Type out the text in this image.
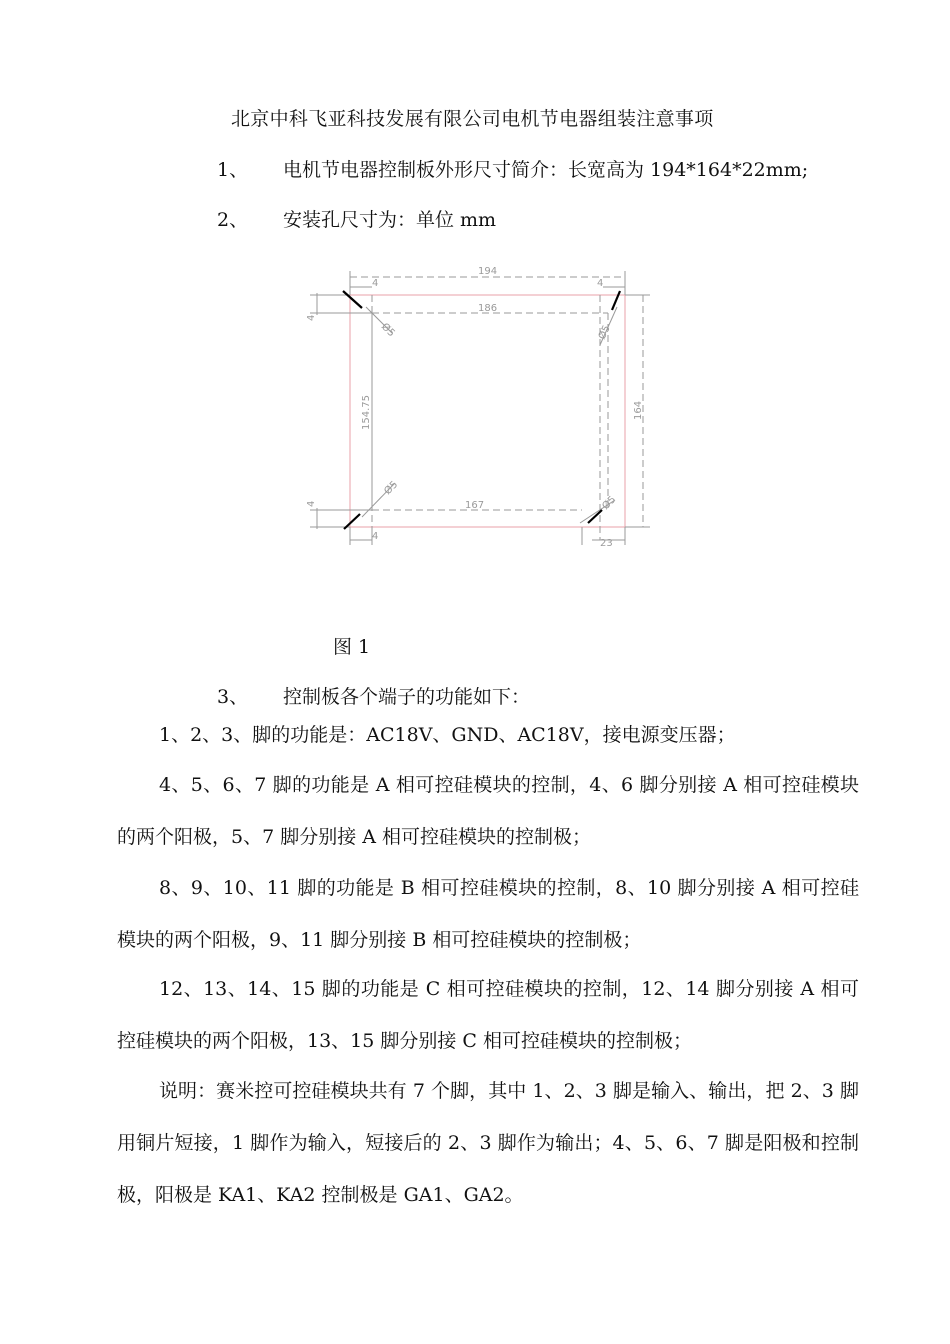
北京中科飞亚科技发展有限公司电机节电器组装注意事项
1、 电机节电器控制板外形尺寸简介：长宽高为 194*164*22mm;
2、 安装孔尺寸为：单位 mm
194
186
167
4	4
4
23
4
4
154.75	164
Ø5	Ø5
Ø5
Ø5
图 1
3、 控制板各个端子的功能如下：

1、2、3、脚的功能是：AC18V、GND、AC18V，接电源变压器；

4、5、6、7 脚的功能是 A 相可控硅模块的控制，4、6 脚分别接 A 相可控硅模块的两个阳极，5、7 脚分别接 A 相可控硅模块的控制极；

8、9、10、11 脚的功能是 B 相可控硅模块的控制，8、10 脚分别接 A 相可控硅模块的两个阳极，9、11 脚分别接 B 相可控硅模块的控制极；

12、13、14、15 脚的功能是 C 相可控硅模块的控制，12、14 脚分别接 A 相可控硅模块的两个阳极，13、15 脚分别接 C 相可控硅模块的控制极；

说明：赛米控可控硅模块共有 7 个脚，其中 1、2、3 脚是输入、输出，把 2、3 脚用铜片短接，1 脚作为输入，短接后的 2、3 脚作为输出；4、5、6、7 脚是阳极和控制极，阳极是 KA1、KA2 控制极是 GA1、GA2。
